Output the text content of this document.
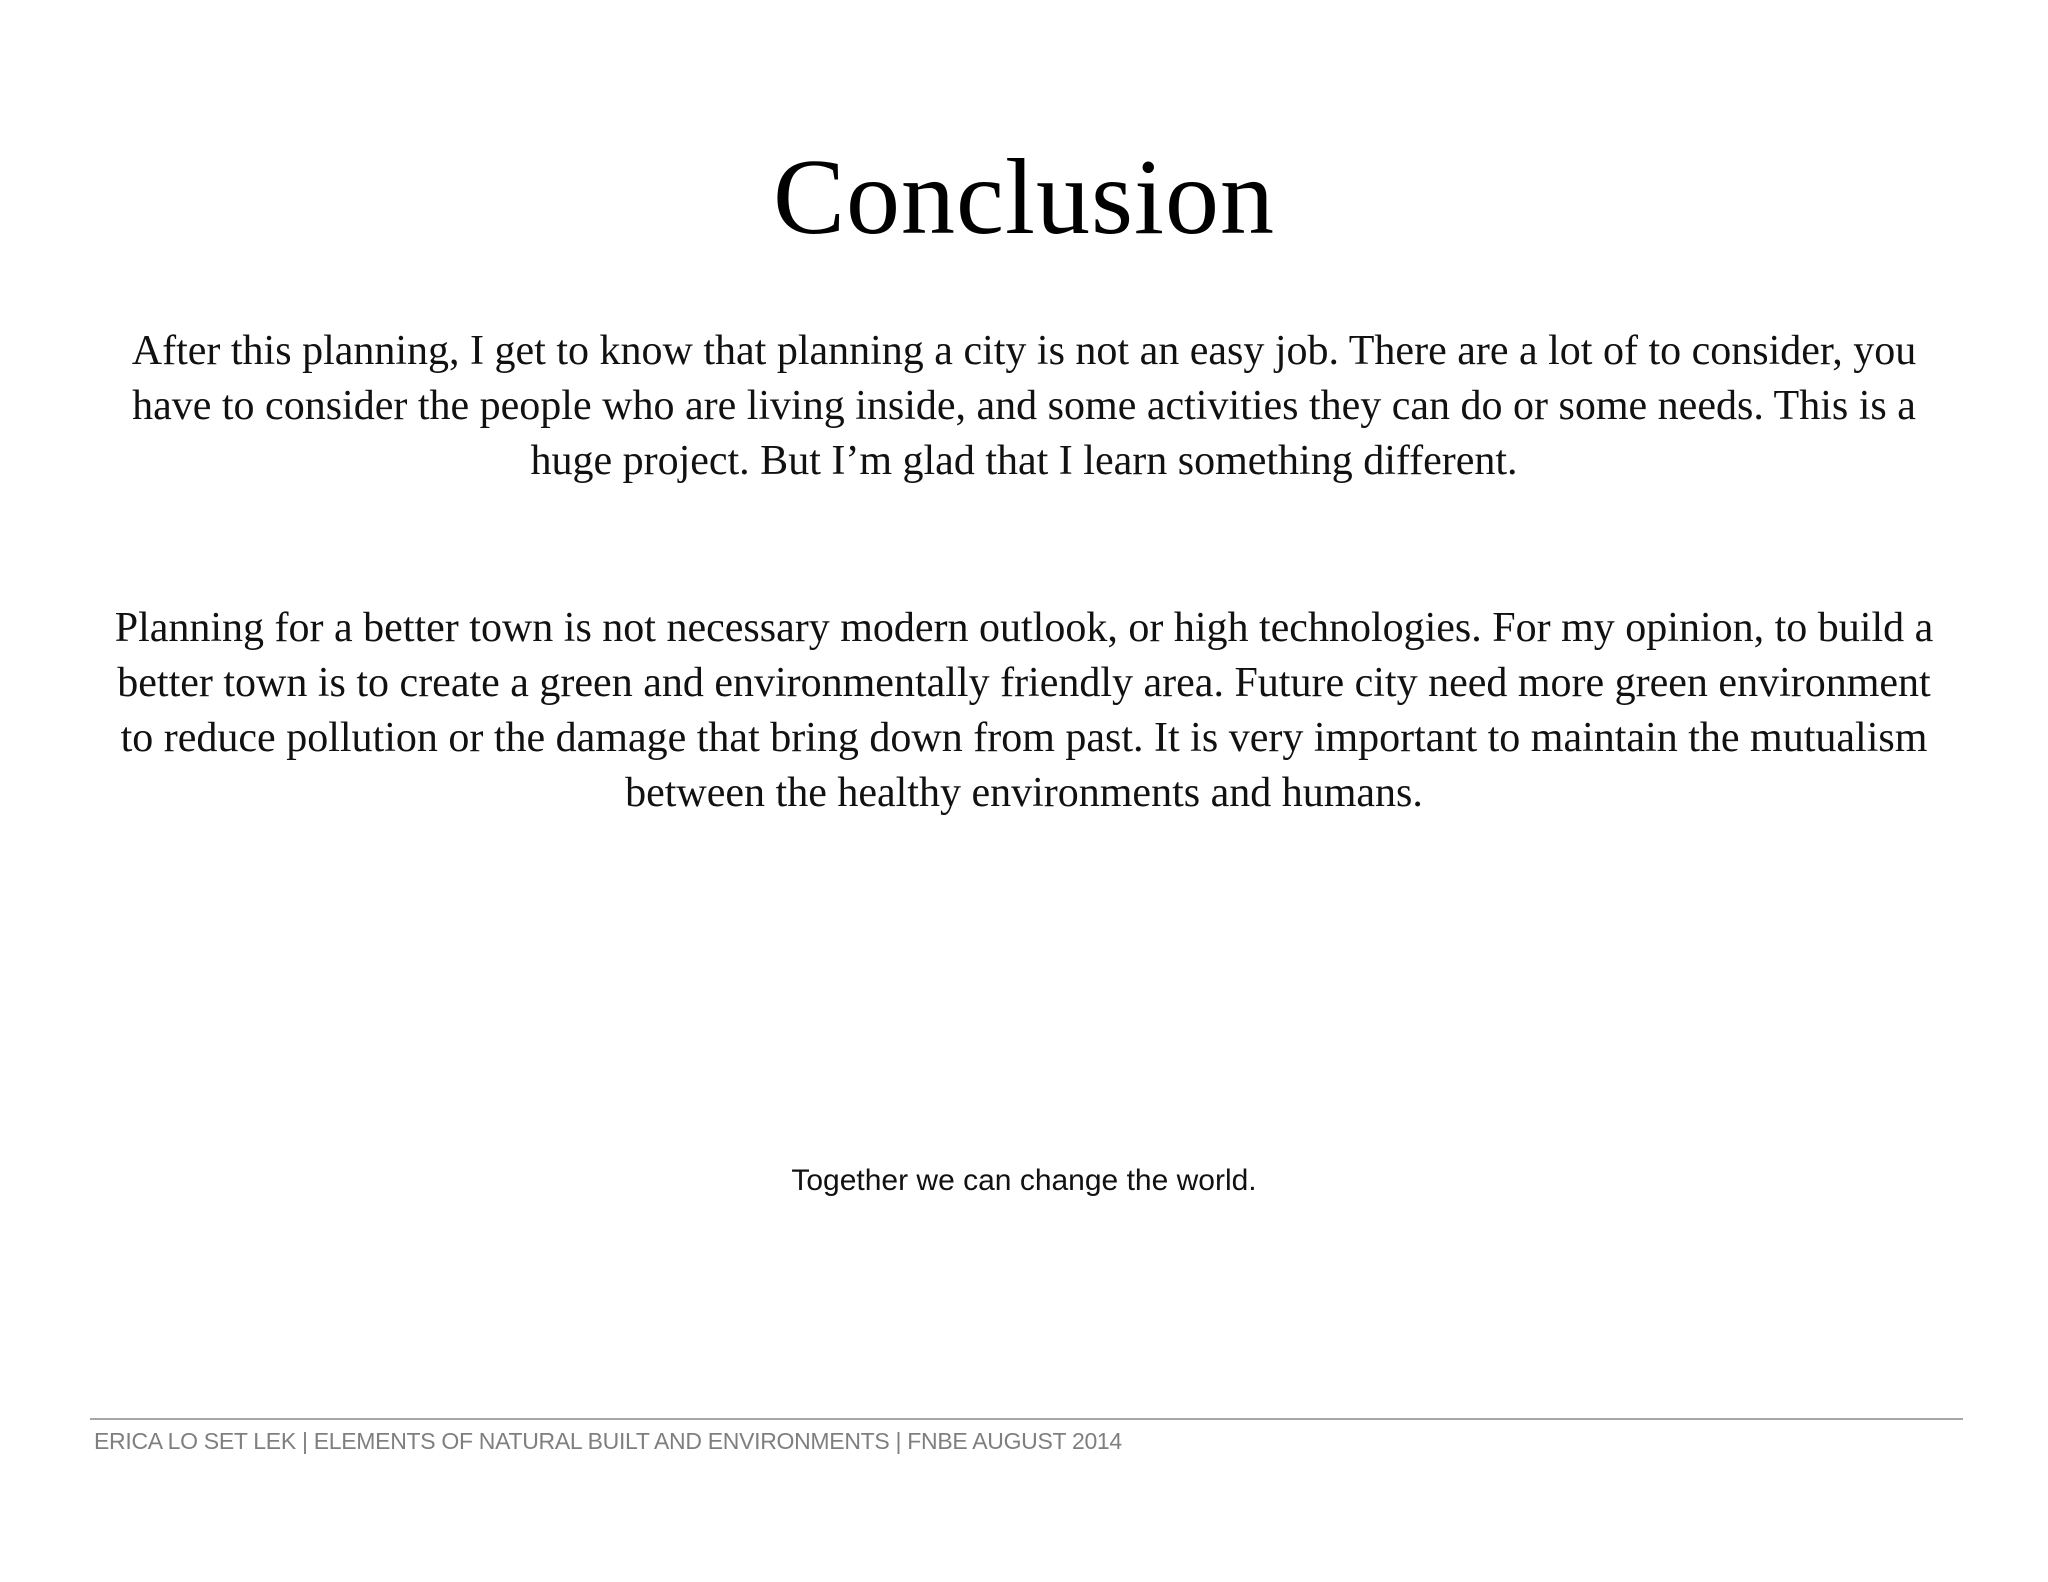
Conclusion

After this planning, I get to know that planning a city is not an easy job. There are a lot of to consider, you have to consider the people who are living inside, and some activities they can do or some needs. This is a huge project. But I’m glad that I learn something different.

Planning for a better town is not necessary modern outlook, or high technologies. For my opinion, to build a better town is to create a green and environmentally friendly area. Future city need more green environment to reduce pollution or the damage that bring down from past. It is very important to maintain the mutualism between the healthy environments and humans.

Together we can change the world.

ERICA LO SET LEK | ELEMENTS OF NATURAL BUILT AND ENVIRONMENTS | FNBE AUGUST 2014
